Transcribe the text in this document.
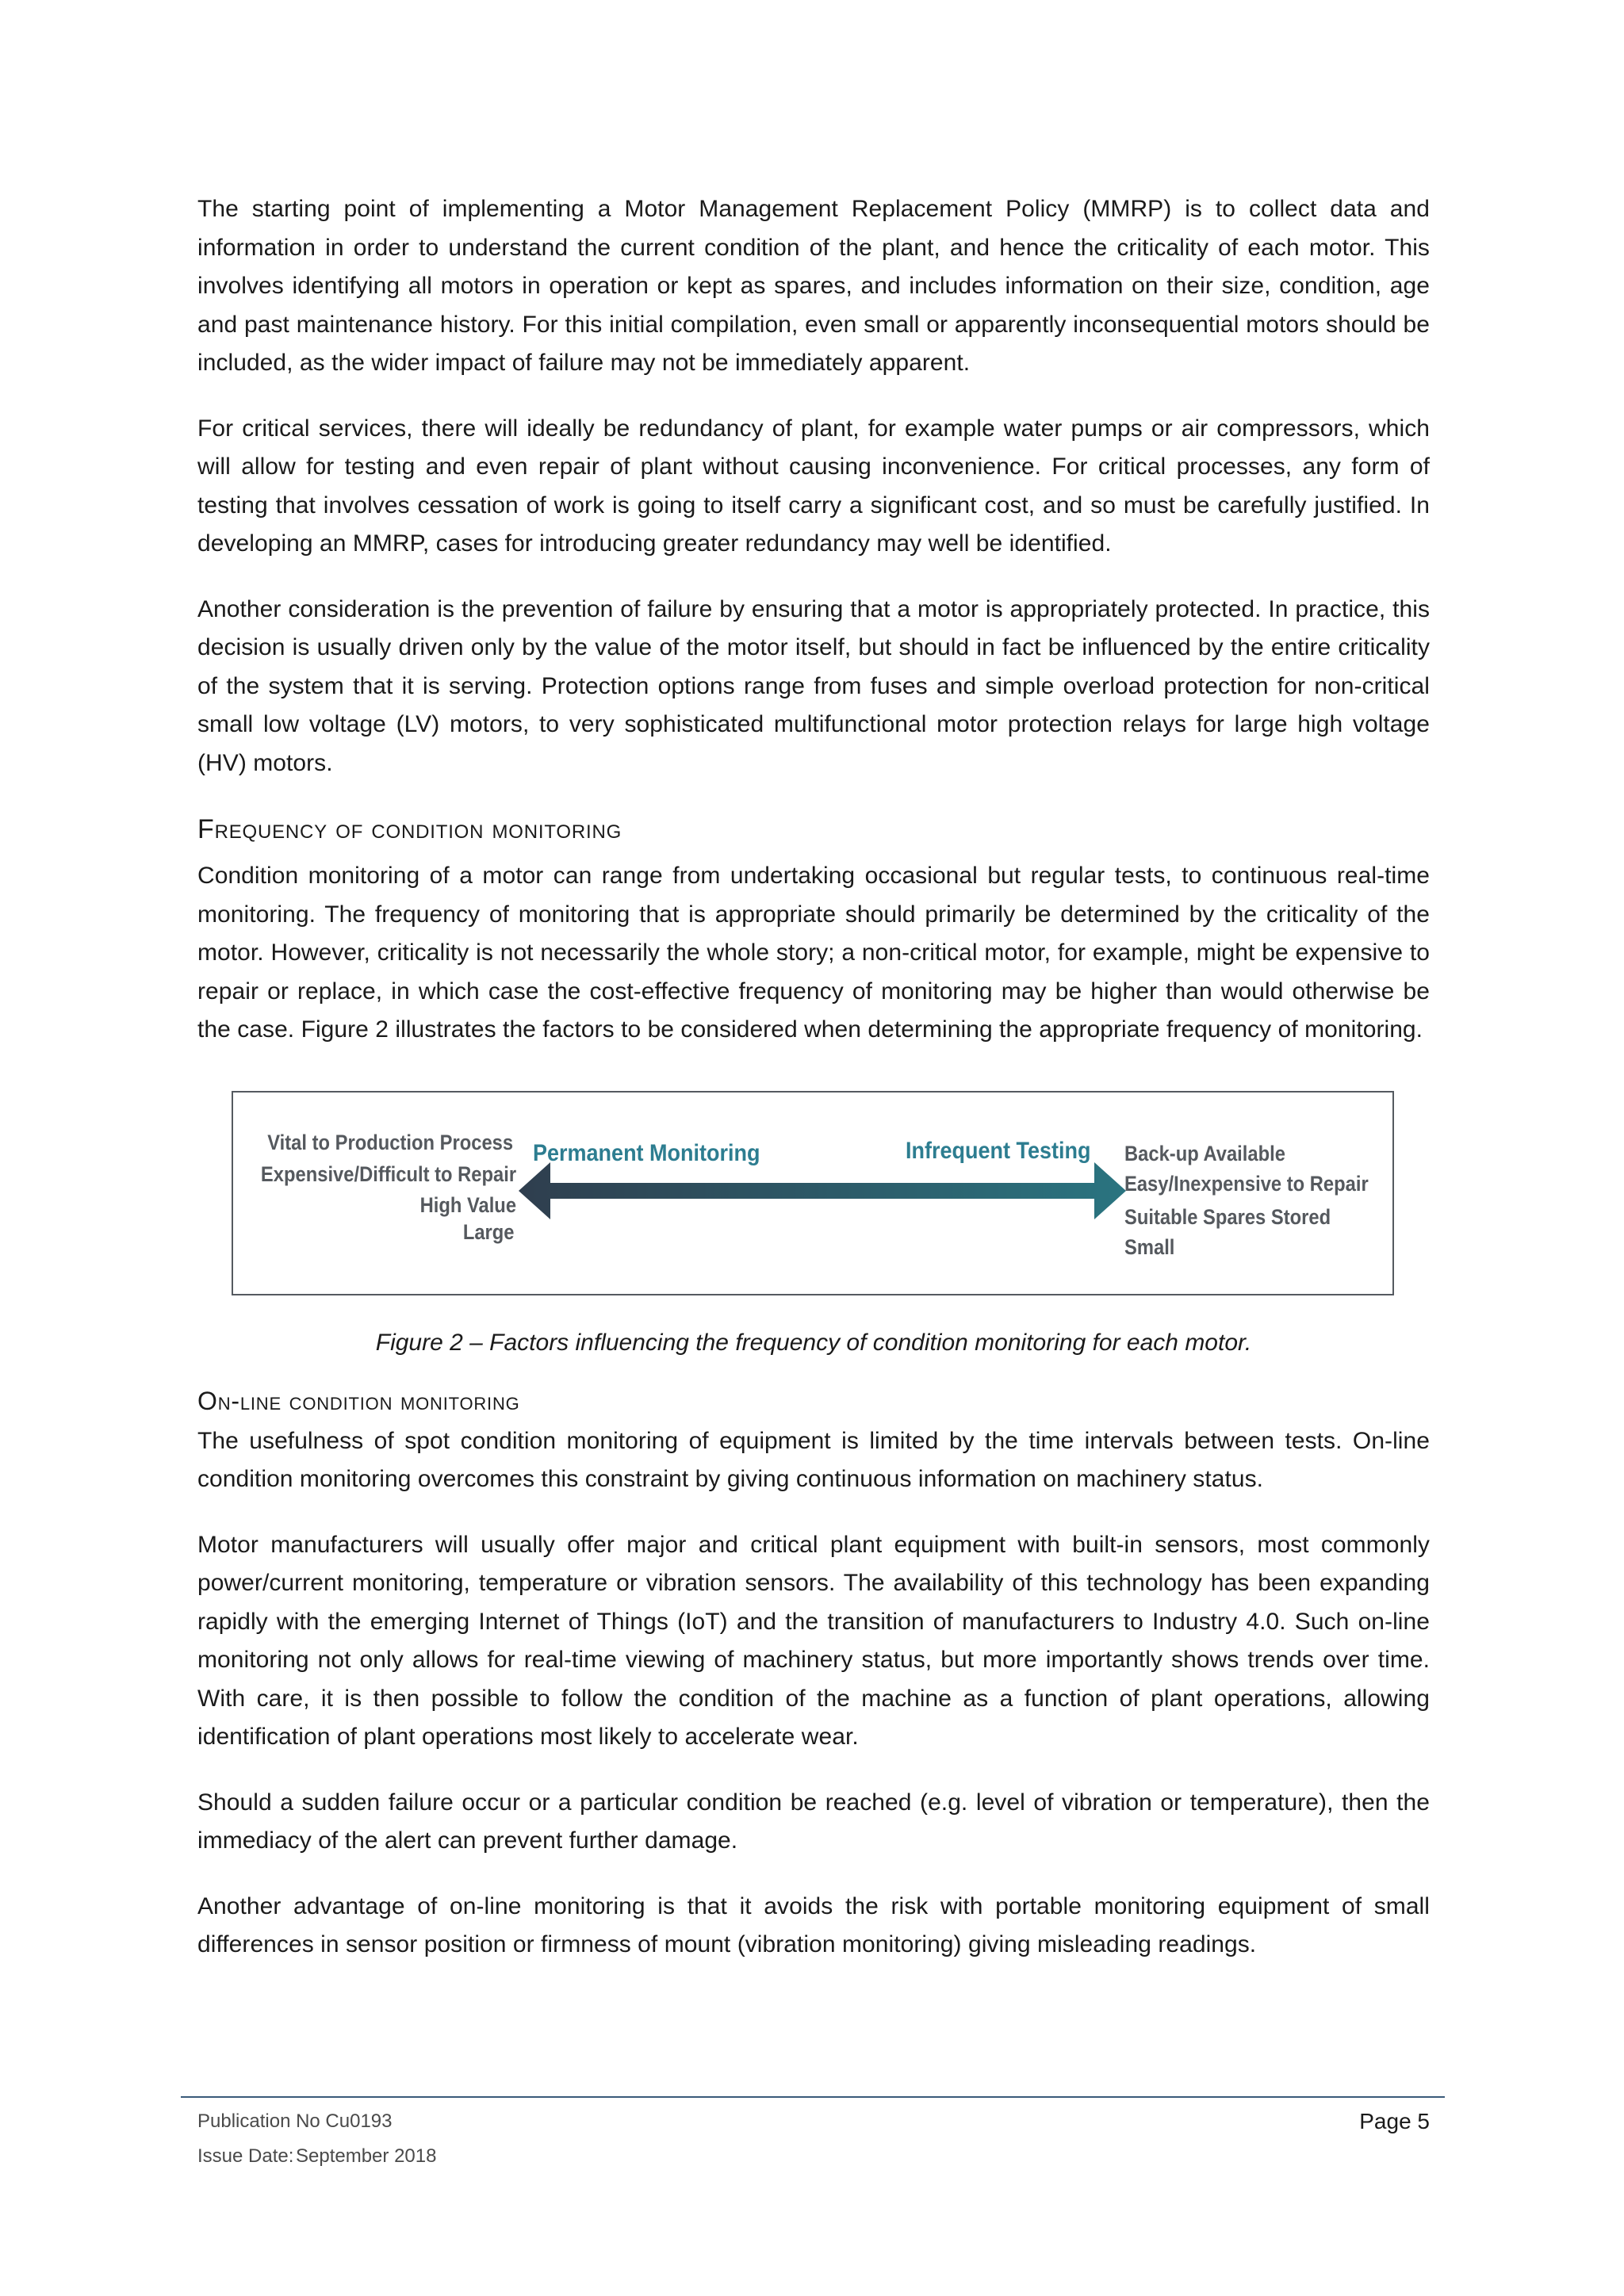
The starting point of implementing a Motor Management Replacement Policy (MMRP) is to collect data and information in order to understand the current condition of the plant, and hence the criticality of each motor. This involves identifying all motors in operation or kept as spares, and includes information on their size, condition, age and past maintenance history. For this initial compilation, even small or apparently inconsequential motors should be included, as the wider impact of failure may not be immediately apparent.

For critical services, there will ideally be redundancy of plant, for example water pumps or air compressors, which will allow for testing and even repair of plant without causing inconvenience. For critical processes, any form of testing that involves cessation of work is going to itself carry a significant cost, and so must be carefully justified. In developing an MMRP, cases for introducing greater redundancy may well be identified.

Another consideration is the prevention of failure by ensuring that a motor is appropriately protected. In practice, this decision is usually driven only by the value of the motor itself, but should in fact be influenced by the entire criticality of the system that it is serving. Protection options range from fuses and simple overload protection for non-critical small low voltage (LV) motors, to very sophisticated multifunctional motor protection relays for large high voltage (HV) motors.

Frequency of condition monitoring

Condition monitoring of a motor can range from undertaking occasional but regular tests, to continuous real-time monitoring. The frequency of monitoring that is appropriate should primarily be determined by the criticality of the motor. However, criticality is not necessarily the whole story; a non-critical motor, for example, might be expensive to repair or replace, in which case the cost-effective frequency of monitoring may be higher than would otherwise be the case. Figure 2 illustrates the factors to be considered when determining the appropriate frequency of monitoring.

Vital to Production Process
Expensive/Difficult to Repair
High Value
Large
Permanent Monitoring	Infrequent Testing Back-up Available
Easy/Inexpensive to Repair
Suitable Spares Stored
Small

Figure 2 – Factors influencing the frequency of condition monitoring for each motor.

On-line condition monitoring

The usefulness of spot condition monitoring of equipment is limited by the time intervals between tests. On-line condition monitoring overcomes this constraint by giving continuous information on machinery status.

Motor manufacturers will usually offer major and critical plant equipment with built-in sensors, most commonly power/current monitoring, temperature or vibration sensors. The availability of this technology has been expanding rapidly with the emerging Internet of Things (IoT) and the transition of manufacturers to Industry 4.0. Such on-line monitoring not only allows for real-time viewing of machinery status, but more importantly shows trends over time. With care, it is then possible to follow the condition of the machine as a function of plant operations, allowing identification of plant operations most likely to accelerate wear.

Should a sudden failure occur or a particular condition be reached (e.g. level of vibration or temperature), then the immediacy of the alert can prevent further damage.

Another advantage of on-line monitoring is that it avoids the risk with portable monitoring equipment of small differences in sensor position or firmness of mount (vibration monitoring) giving misleading readings.

Publication No Cu0193
Issue Date: September 2018
Page 5
